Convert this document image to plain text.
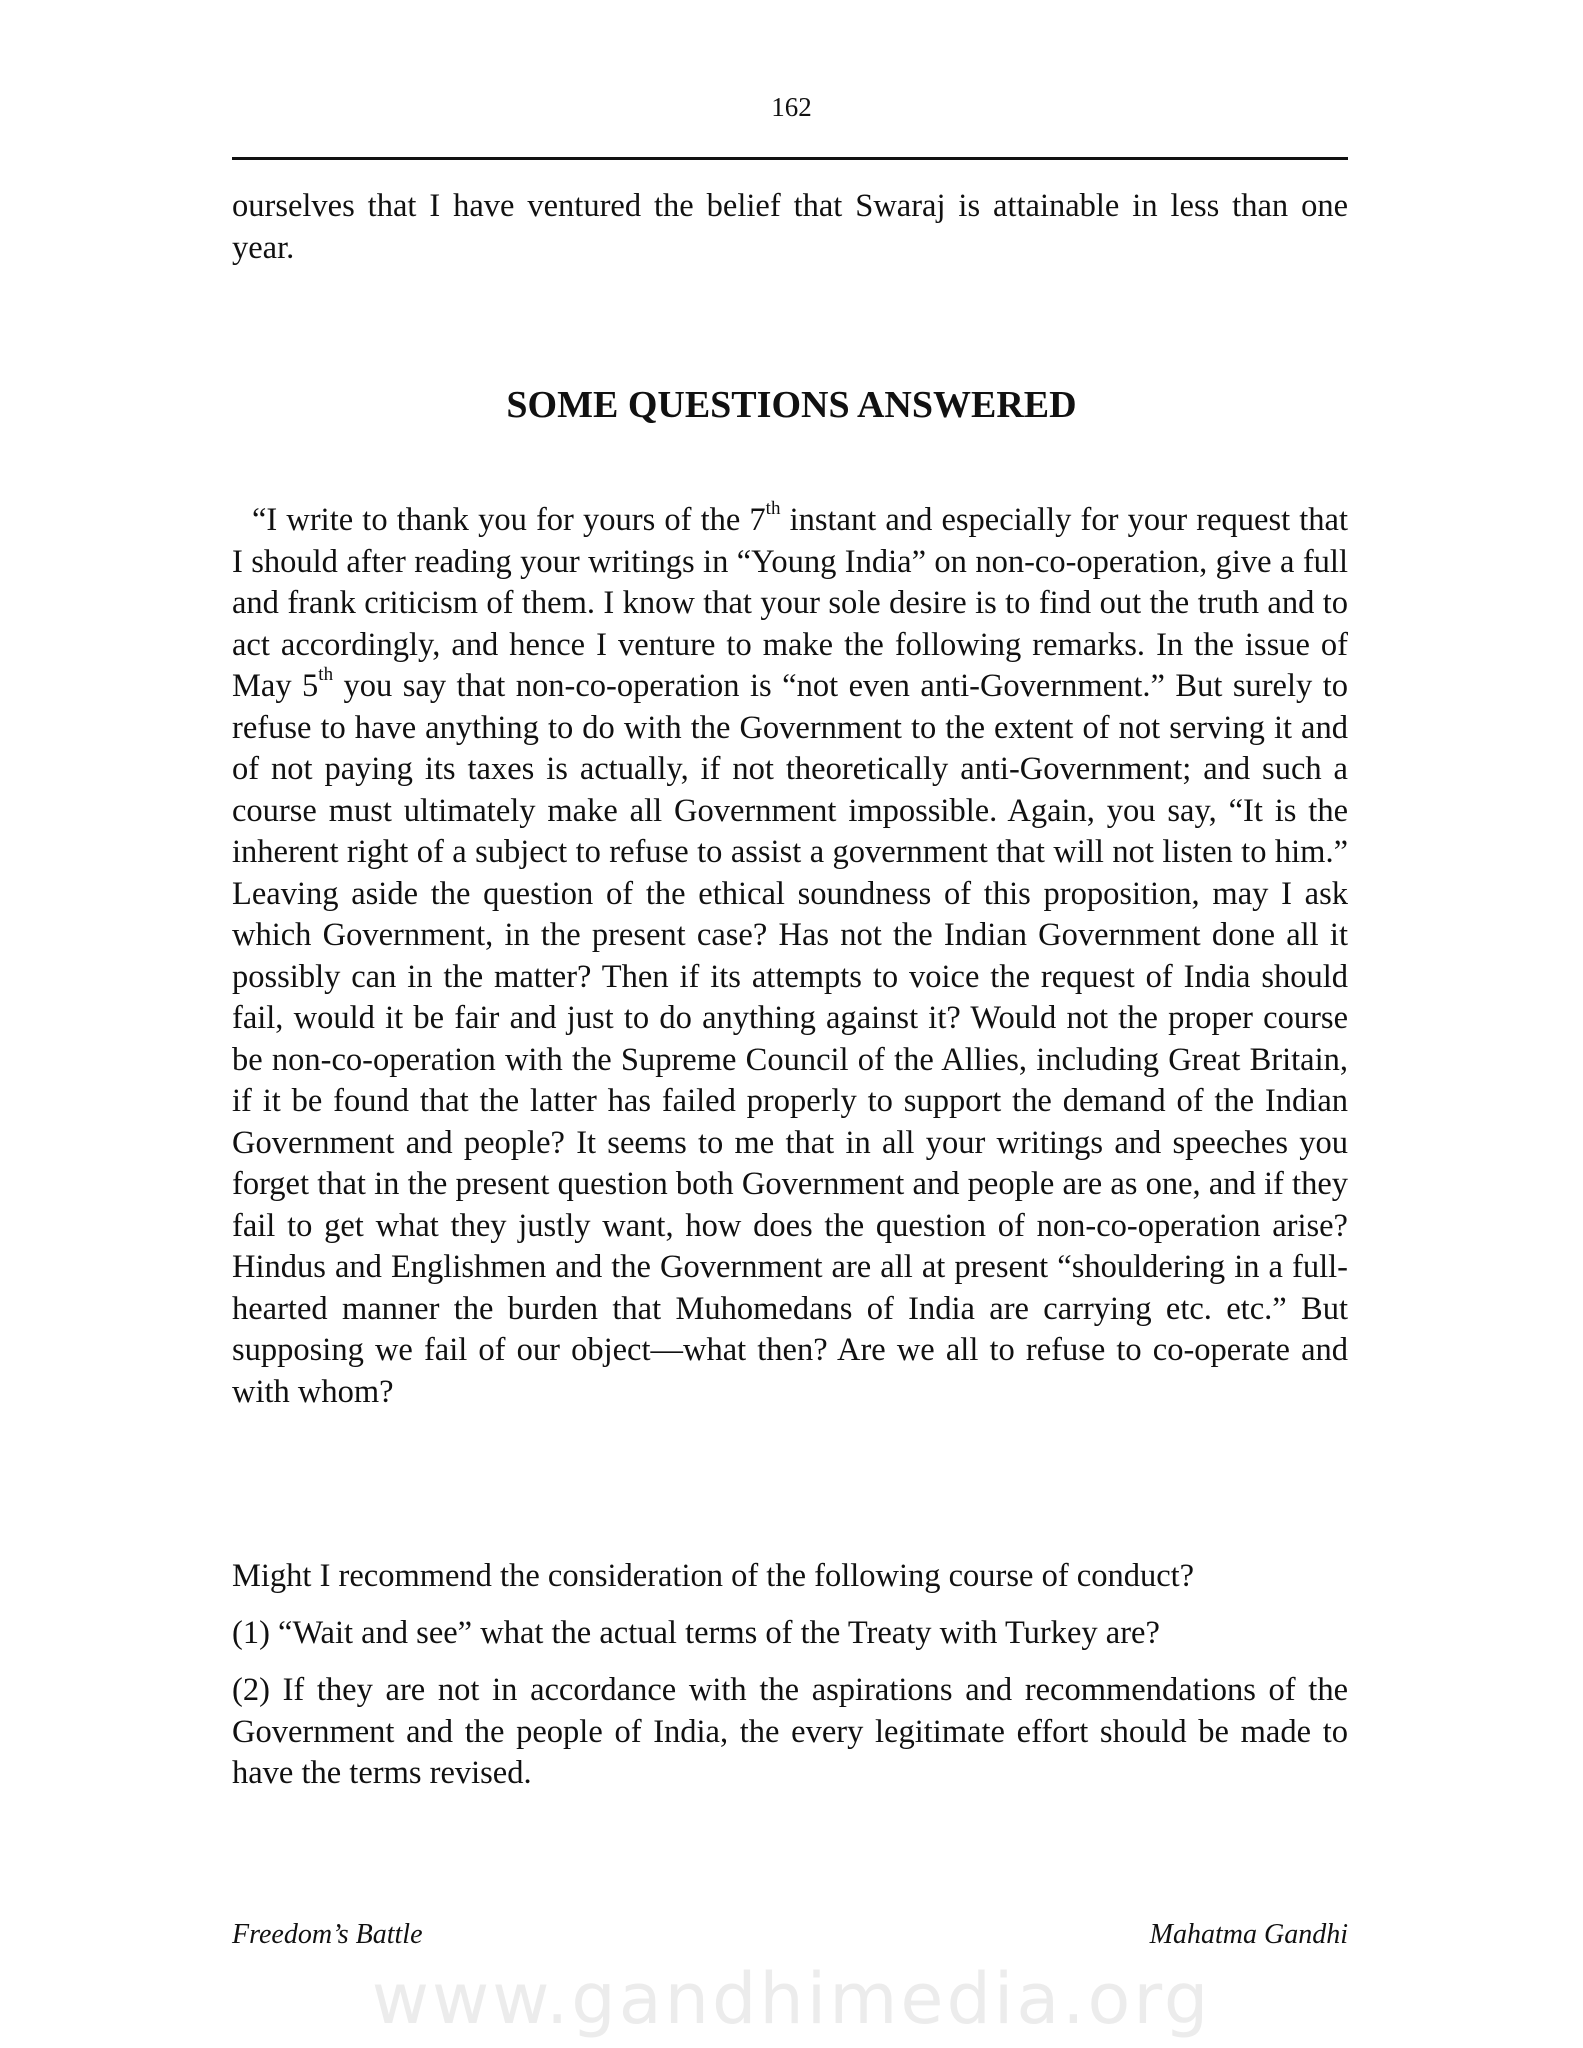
162
ourselves that I have ventured the belief that Swaraj is attainable in less than one year.
SOME QUESTIONS ANSWERED
“I write to thank you for yours of the 7th instant and especially for your request that I should after reading your writings in “Young India” on non-co-operation, give a full and frank criticism of them. I know that your sole desire is to find out the truth and to act accordingly, and hence I venture to make the following remarks. In the issue of May 5th you say that non-co-operation is “not even anti-Government.” But surely to refuse to have anything to do with the Government to the extent of not serving it and of not paying its taxes is actually, if not theoretically anti-Government; and such a course must ultimately make all Government impossible. Again, you say, “It is the inherent right of a subject to refuse to assist a government that will not listen to him.” Leaving aside the question of the ethical soundness of this proposition, may I ask which Government, in the present case? Has not the Indian Government done all it possibly can in the matter? Then if its attempts to voice the request of India should fail, would it be fair and just to do anything against it? Would not the proper course be non-co-operation with the Supreme Council of the Allies, including Great Britain, if it be found that the latter has failed properly to support the demand of the Indian Government and people? It seems to me that in all your writings and speeches you forget that in the present question both Government and people are as one, and if they fail to get what they justly want, how does the question of non-co-operation arise? Hindus and Englishmen and the Government are all at present “shouldering in a full-hearted manner the burden that Muhomedans of India are carrying etc. etc.” But supposing we fail of our object—what then? Are we all to refuse to co-operate and with whom?
Might I recommend the consideration of the following course of conduct?
(1) “Wait and see” what the actual terms of the Treaty with Turkey are?
(2) If they are not in accordance with the aspirations and recommendations of the Government and the people of India, the every legitimate effort should be made to have the terms revised.
Freedom’s Battle	Mahatma Gandhi
www.gandhimedia.org
